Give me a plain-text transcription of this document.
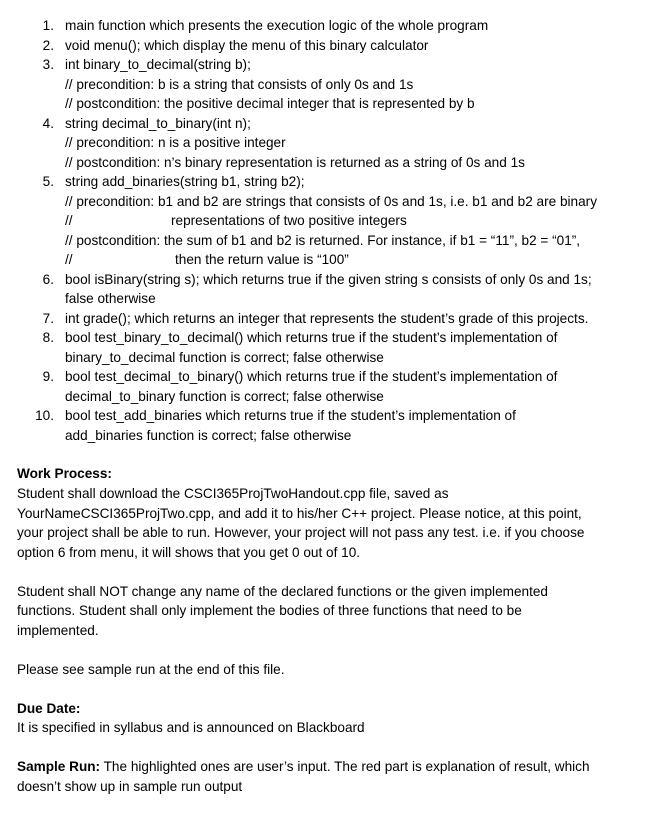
1. main function which presents the execution logic of the whole program
2. void menu(); which display the menu of this binary calculator
3. int binary_to_decimal(string b);
// precondition: b is a string that consists of only 0s and 1s
// postcondition: the positive decimal integer that is represented by b
4. string decimal_to_binary(int n);
// precondition: n is a positive integer
// postcondition: n’s binary representation is returned as a string of 0s and 1s
5. string add_binaries(string b1, string b2);
// precondition: b1 and b2 are strings that consists of 0s and 1s, i.e. b1 and b2 are binary
//	representations of two positive integers
// postcondition: the sum of b1 and b2 is returned. For instance, if b1 = “11”, b2 = “01”,
//	then the return value is “100”
6. bool isBinary(string s); which returns true if the given string s consists of only 0s and 1s;
false otherwise
7. int grade(); which returns an integer that represents the student’s grade of this projects.
8. bool test_binary_to_decimal() which returns true if the student’s implementation of
binary_to_decimal function is correct; false otherwise
9. bool test_decimal_to_binary() which returns true if the student’s implementation of
decimal_to_binary function is correct; false otherwise
10. bool test_add_binaries which returns true if the student’s implementation of
add_binaries function is correct; false otherwise
Work Process:
Student shall download the CSCI365ProjTwoHandout.cpp file, saved as
YourNameCSCI365ProjTwo.cpp, and add it to his/her C++ project. Please notice, at this point,
your project shall be able to run. However, your project will not pass any test. i.e. if you choose
option 6 from menu, it will shows that you get 0 out of 10.
Student shall NOT change any name of the declared functions or the given implemented
functions. Student shall only implement the bodies of three functions that need to be
implemented.
Please see sample run at the end of this file.
Due Date:
It is specified in syllabus and is announced on Blackboard
Sample Run: The highlighted ones are user’s input. The red part is explanation of result, which
doesn’t show up in sample run output
